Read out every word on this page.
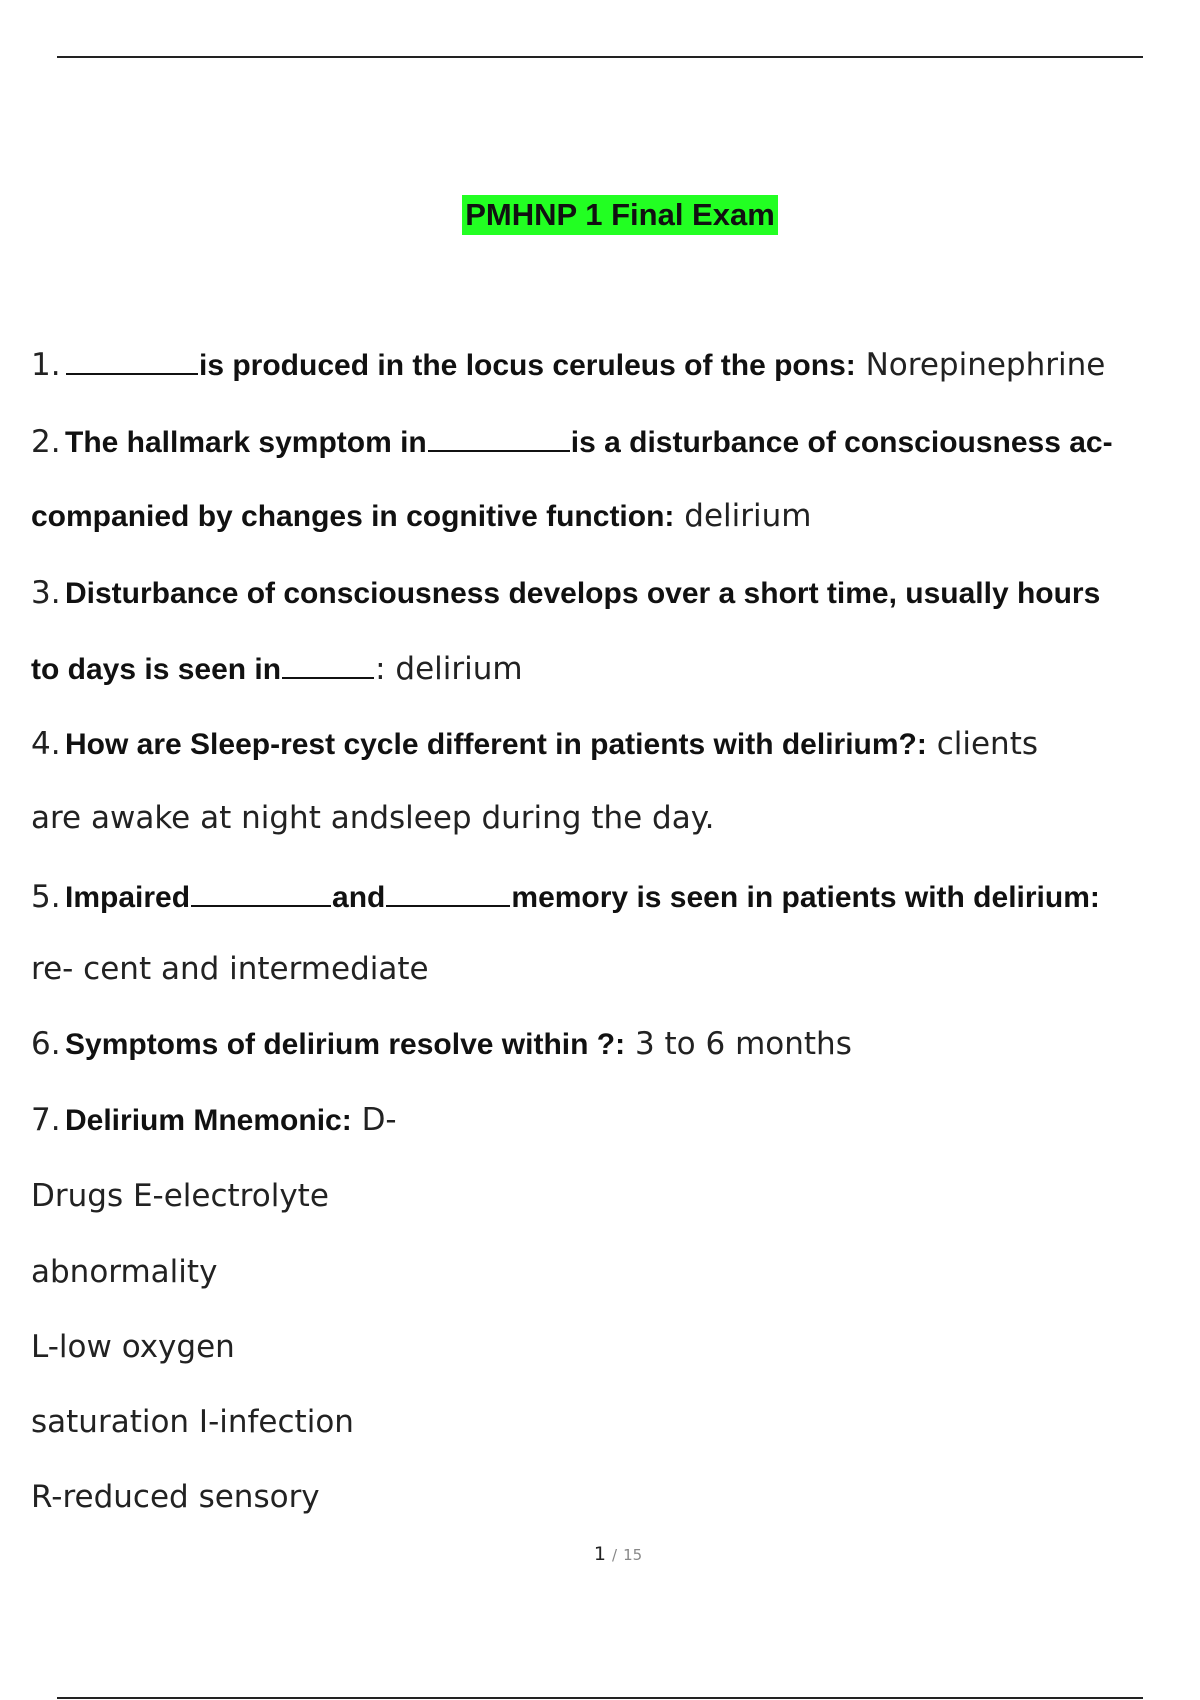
PMHNP 1 Final Exam
1.	is produced in the locus ceruleus of the pons: Norepinephrine
2. The hallmark symptom in	is a disturbance of consciousness ac-
companied by changes in cognitive function: delirium
3. Disturbance of consciousness develops over a short time, usually hours
to days is seen in	: delirium
4. How are Sleep-rest cycle different in patients with delirium?: clients
are awake at night andsleep during the day.
5. Impaired	and	memory is seen in patients with delirium:
re- cent and intermediate
6. Symptoms of delirium resolve within ?: 3 to 6 months
7. Delirium Mnemonic: D-
Drugs E-electrolyte
abnormality
L-low oxygen
saturation I-infection
R-reduced sensory
1 / 15
